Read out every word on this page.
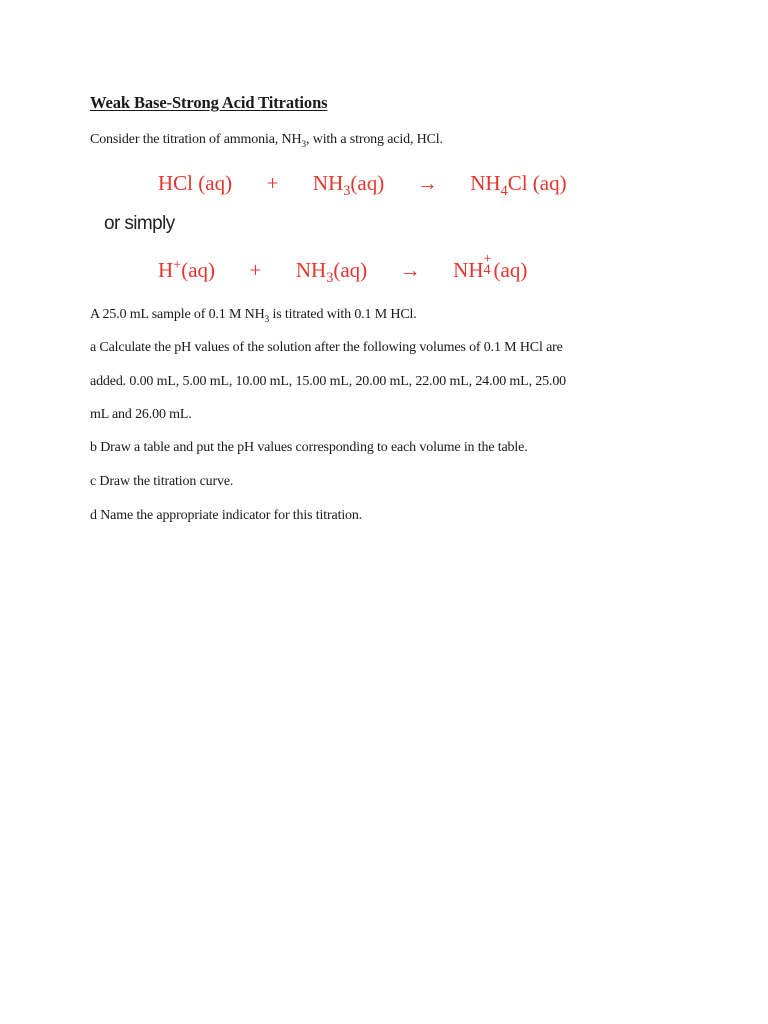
Weak Base-Strong Acid Titrations
Consider the titration of ammonia, $NH_3$, with a strong acid, HCl.
HCl $(aq) + NH_3(aq) \to NH_4Cl$ (aq)
or simply
$H^+(aq) + NH_3(aq)$ → NH +
4 (aq)
A 25.0 mL sample of 0.1 M $NH_3$ is titrated with 0.1 M HCl.
a Calculate the pH values of the solution after the following volumes of 0.1 M HCl are
added. 0.00 mL, 5.00 mL, 10.00 mL, 15.00 mL, 20.00 mL, 22.00 mL, 24.00 mL, 25.00
mL and 26.00 mL.
b Draw a table and put the pH values corresponding to each volume in the table.
c Draw the titration curve.
d Name the appropriate indicator for this titration.
